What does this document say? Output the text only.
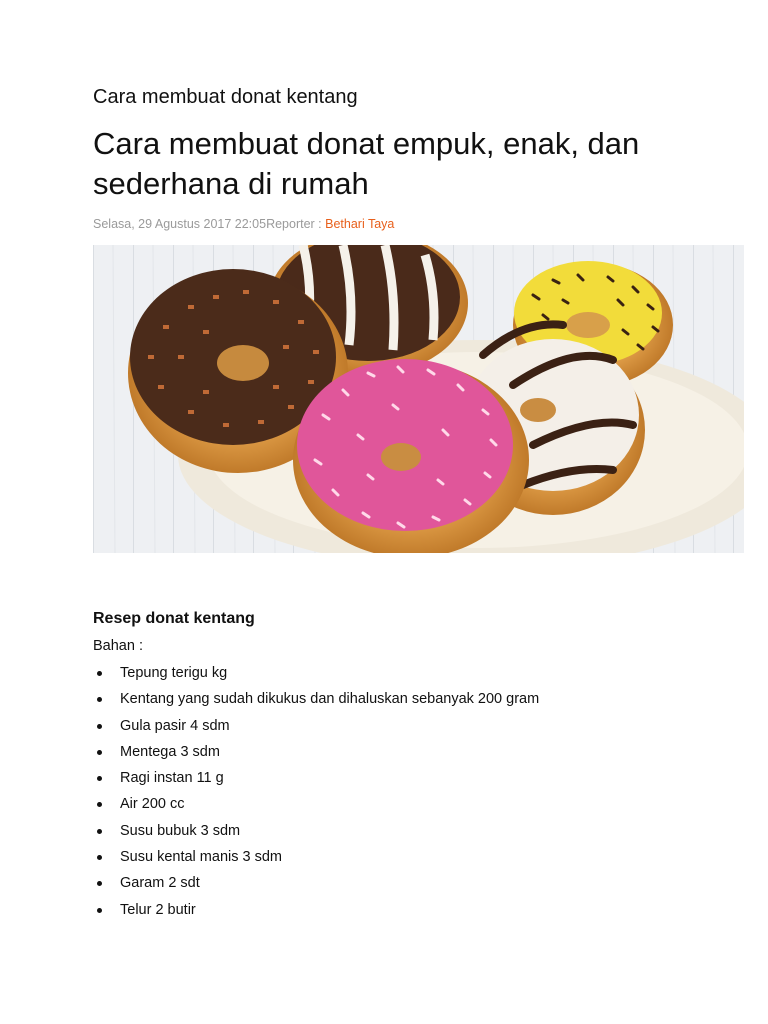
Cara membuat donat kentang
Cara membuat donat empuk, enak, dan sederhana di rumah
Selasa, 29 Agustus 2017 22:05Reporter : Bethari Taya
Resep donat kentang
Bahan :
Tepung terigu kg
Kentang yang sudah dikukus dan dihaluskan sebanyak 200 gram
Gula pasir 4 sdm
Mentega 3 sdm
Ragi instan 11 g
Air 200 cc
Susu bubuk 3 sdm
Susu kental manis 3 sdm
Garam 2 sdt
Telur 2 butir
